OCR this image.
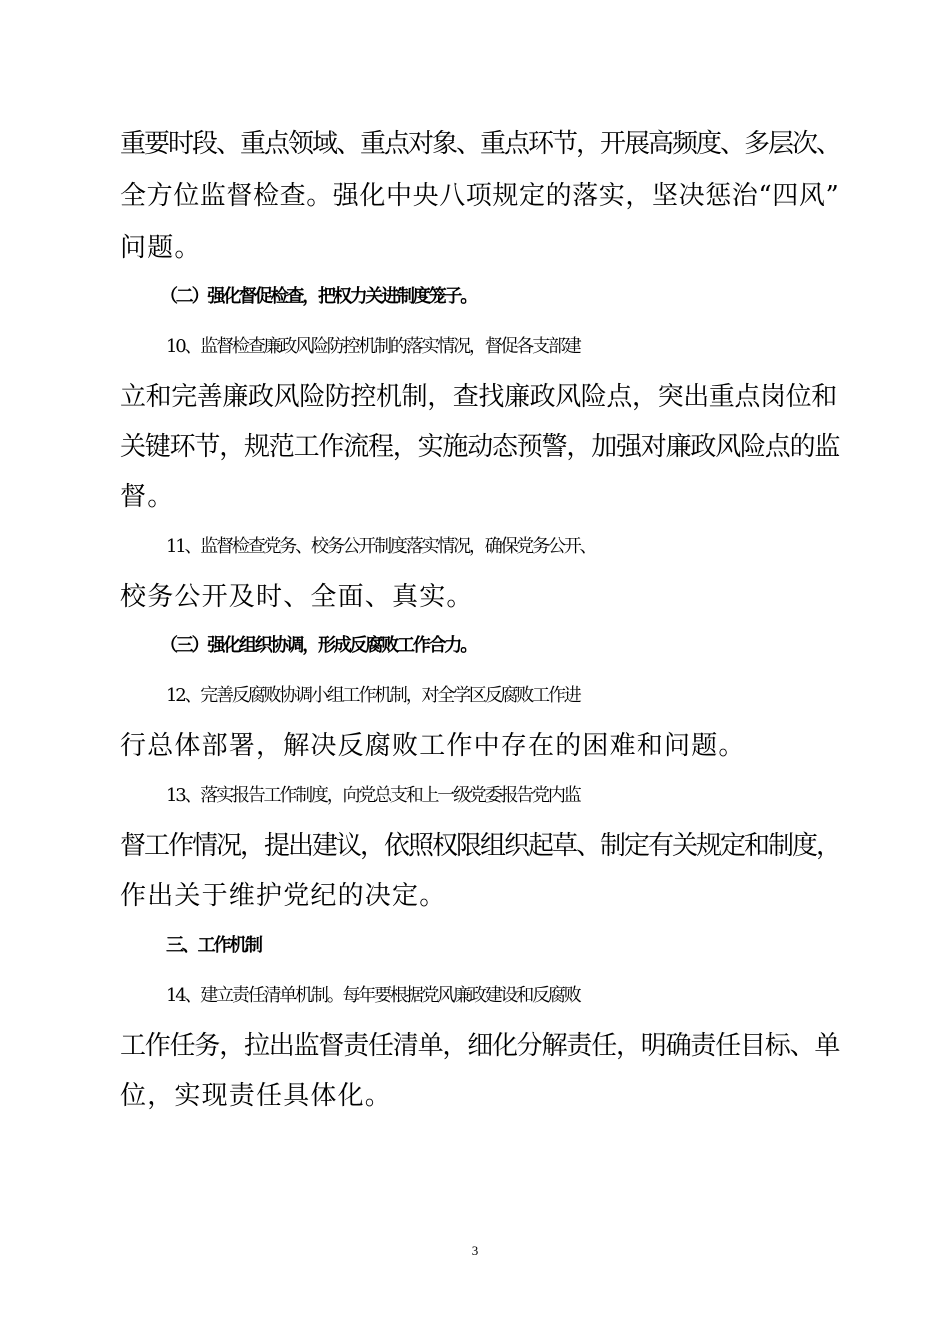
重要时段、重点领域、重点对象、重点环节，开展高频度、多层次、
全方位监督检查。强化中央八项规定的落实，坚决惩治“四风”
问题。
（二）强化督促检查，把权力关进制度笼子。
10、监督检查廉政风险防控机制的落实情况，督促各支部建
立和完善廉政风险防控机制，查找廉政风险点，突出重点岗位和
关键环节，规范工作流程，实施动态预警，加强对廉政风险点的监
督。
11、监督检查党务、校务公开制度落实情况，确保党务公开、
校务公开及时、全面、真实。
（三）强化组织协调，形成反腐败工作合力。
12、完善反腐败协调小组工作机制，对全学区反腐败工作进
行总体部署，解决反腐败工作中存在的困难和问题。
13、落实报告工作制度，向党总支和上一级党委报告党内监
督工作情况，提出建议，依照权限组织起草、制定有关规定和制度，
作出关于维护党纪的决定。
三、工作机制
14、建立责任清单机制。每年要根据党风廉政建设和反腐败
工作任务，拉出监督责任清单，细化分解责任，明确责任目标、单
位，实现责任具体化。
3
